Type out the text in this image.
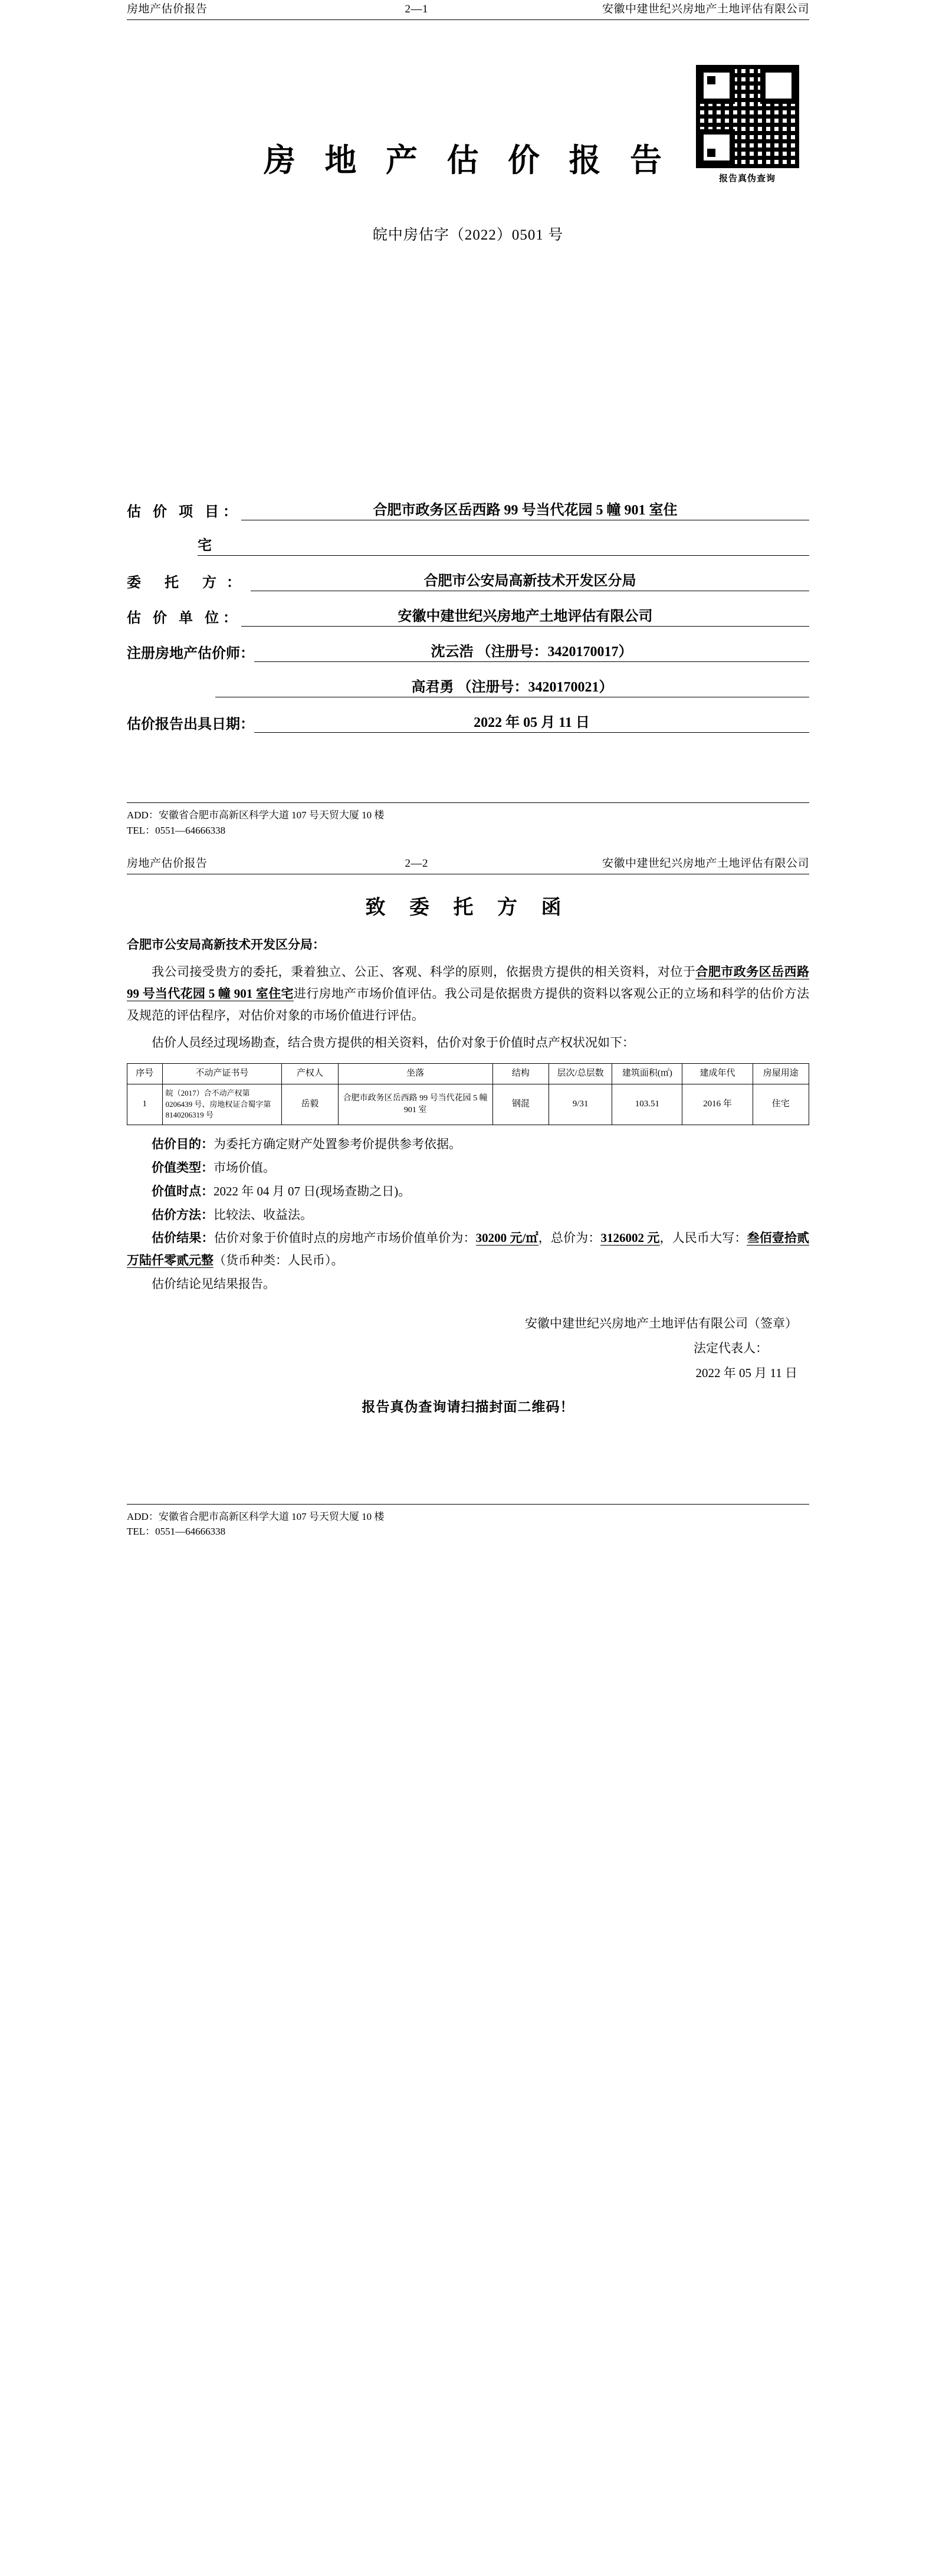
房地产估价报告	2—1	安徽中建世纪兴房地产土地评估有限公司
报告真伪查询
房 地 产 估 价 报 告
皖中房估字（2022）0501 号
估 价 项 目：	合肥市政务区岳西路 99 号当代花园 5 幢 901 室住
宅
委 托 方：	合肥市公安局高新技术开发区分局
估 价 单 位：	安徽中建世纪兴房地产土地评估有限公司
注册房地产估价师：	沈云浩 （注册号：3420170017）
高君勇 （注册号：3420170021）
估价报告出具日期：	2022 年 05 月 11 日
ADD：安徽省合肥市高新区科学大道 107 号天贸大厦 10 楼
TEL：0551—64666338
房地产估价报告	2—2	安徽中建世纪兴房地产土地评估有限公司
致 委 托 方 函
合肥市公安局高新技术开发区分局：
我公司接受贵方的委托，秉着独立、公正、客观、科学的原则，依据贵方提供的相关资料，对位于合肥市政务区岳西路 99 号当代花园 5 幢 901 室住宅进行房地产市场价值评估。我公司是依据贵方提供的资料以客观公正的立场和科学的估价方法及规范的评估程序，对估价对象的市场价值进行评估。
估价人员经过现场勘查，结合贵方提供的相关资料，估价对象于价值时点产权状况如下：
序号	不动产证书号	产权人	坐落	结构	层次/总层数	建筑面积(㎡)	建成年代	房屋用途
1	皖（2017）合不动产权第 0206439 号、房地权证合蜀字第 8140206319 号	岳毅	合肥市政务区岳西路 99 号当代花园 5 幢 901 室	钢混	9/31	103.51	2016 年	住宅
估价目的：为委托方确定财产处置参考价提供参考依据。
价值类型：市场价值。
价值时点：2022 年 04 月 07 日(现场查勘之日)。
估价方法：比较法、收益法。
估价结果：估价对象于价值时点的房地产市场价值单价为：30200 元/㎡，总价为：3126002 元，人民币大写：叁佰壹拾贰万陆仟零贰元整（货币种类：人民币）。
估价结论见结果报告。
安徽中建世纪兴房地产土地评估有限公司（签章）
法定代表人：
2022 年 05 月 11 日
报告真伪查询请扫描封面二维码！
ADD：安徽省合肥市高新区科学大道 107 号天贸大厦 10 楼
TEL：0551—64666338
